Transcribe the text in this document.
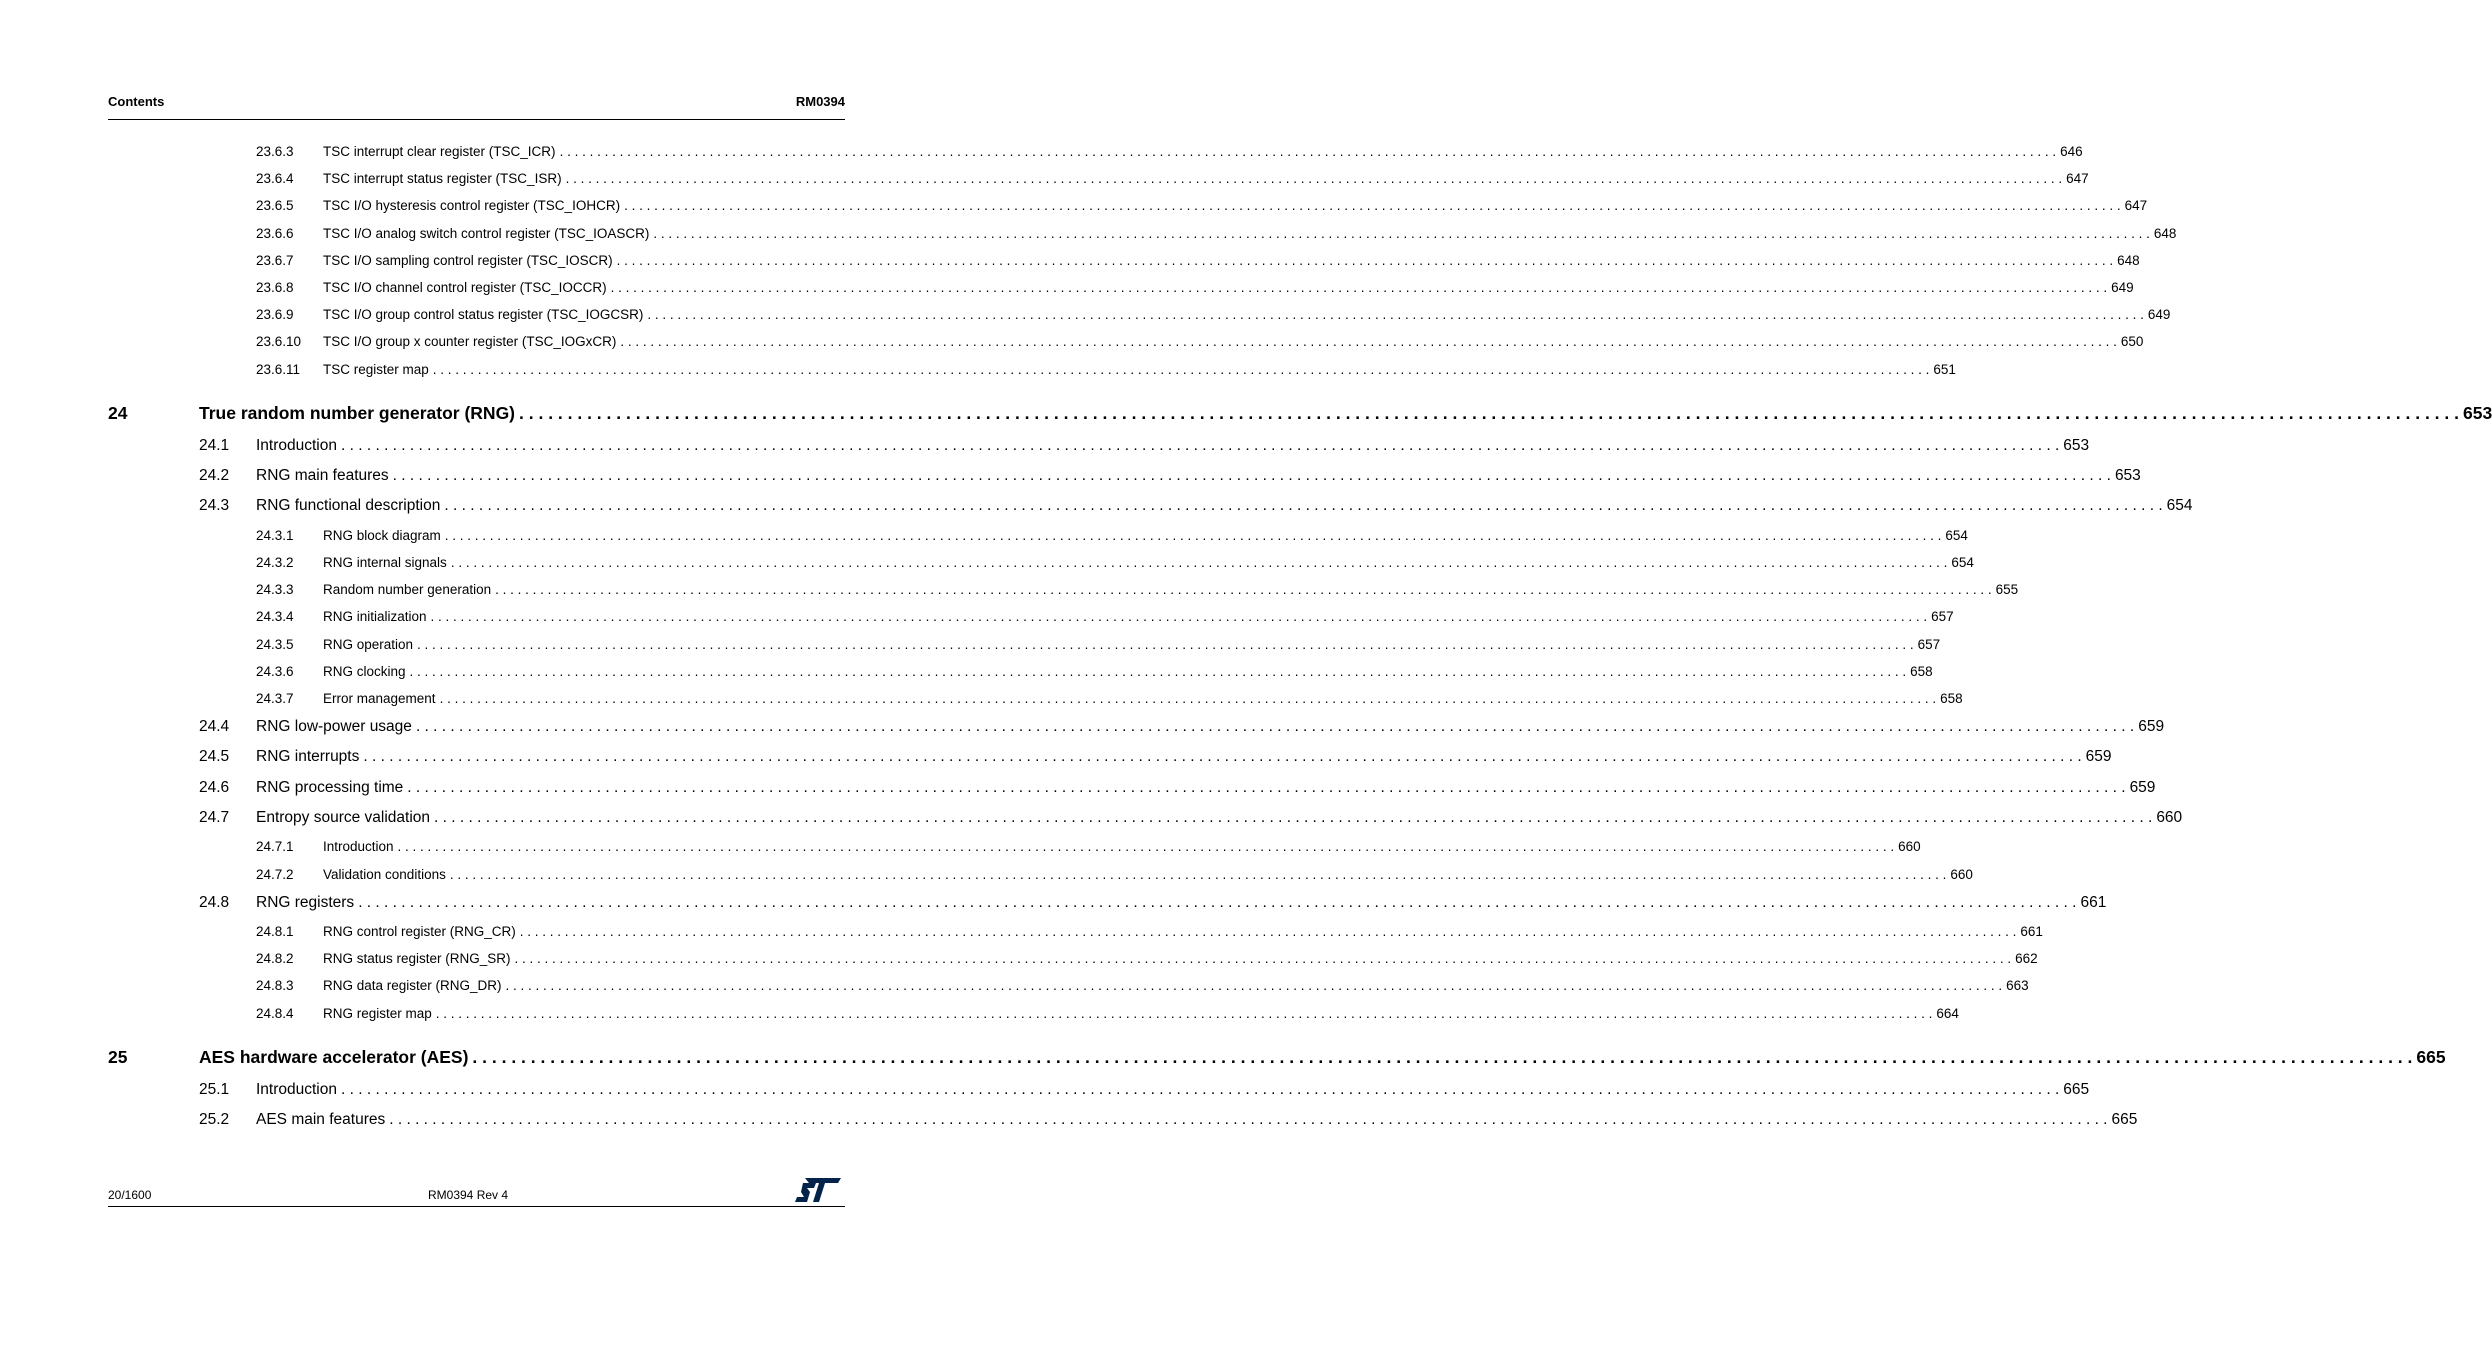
Contents	RM0394
23.6.3 TSC interrupt clear register (TSC_ICR) . . . . . . . . . . . . . . . . . . . . . . . . . . . . . . . . . . . . . . . . . . . . . . . . . . . . . . . . . . . . . . . . . . . . . . . . . . . . . . . . . . . . . . . . . . . . . . . . . . . . . . . . . . . . . . . . . . . . . . . . . . . . . . . . . . . . . . . . . . . . . . . . . . . . . . . . . . . . . . . . . . . . . . . . . . . . . . . . . . . . . . . . . . . . . . . . . . . . . . . . 646
23.6.4 TSC interrupt status register (TSC_ISR) . . . . . . . . . . . . . . . . . . . . . . . . . . . . . . . . . . . . . . . . . . . . . . . . . . . . . . . . . . . . . . . . . . . . . . . . . . . . . . . . . . . . . . . . . . . . . . . . . . . . . . . . . . . . . . . . . . . . . . . . . . . . . . . . . . . . . . . . . . . . . . . . . . . . . . . . . . . . . . . . . . . . . . . . . . . . . . . . . . . . . . . . . . . . . . . . . . . . . . . . 647
23.6.5 TSC I/O hysteresis control register (TSC_IOHCR) . . . . . . . . . . . . . . . . . . . . . . . . . . . . . . . . . . . . . . . . . . . . . . . . . . . . . . . . . . . . . . . . . . . . . . . . . . . . . . . . . . . . . . . . . . . . . . . . . . . . . . . . . . . . . . . . . . . . . . . . . . . . . . . . . . . . . . . . . . . . . . . . . . . . . . . . . . . . . . . . . . . . . . . . . . . . . . . . . . . . . . . . . . . . . . . . . . . . . . . . 647
23.6.6 TSC I/O analog switch control register (TSC_IOASCR) . . . . . . . . . . . . . . . . . . . . . . . . . . . . . . . . . . . . . . . . . . . . . . . . . . . . . . . . . . . . . . . . . . . . . . . . . . . . . . . . . . . . . . . . . . . . . . . . . . . . . . . . . . . . . . . . . . . . . . . . . . . . . . . . . . . . . . . . . . . . . . . . . . . . . . . . . . . . . . . . . . . . . . . . . . . . . . . . . . . . . . . . . . . . . . . . . . . . . . . . 648
23.6.7 TSC I/O sampling control register (TSC_IOSCR) . . . . . . . . . . . . . . . . . . . . . . . . . . . . . . . . . . . . . . . . . . . . . . . . . . . . . . . . . . . . . . . . . . . . . . . . . . . . . . . . . . . . . . . . . . . . . . . . . . . . . . . . . . . . . . . . . . . . . . . . . . . . . . . . . . . . . . . . . . . . . . . . . . . . . . . . . . . . . . . . . . . . . . . . . . . . . . . . . . . . . . . . . . . . . . . . . . . . . . . . 648
23.6.8 TSC I/O channel control register (TSC_IOCCR) . . . . . . . . . . . . . . . . . . . . . . . . . . . . . . . . . . . . . . . . . . . . . . . . . . . . . . . . . . . . . . . . . . . . . . . . . . . . . . . . . . . . . . . . . . . . . . . . . . . . . . . . . . . . . . . . . . . . . . . . . . . . . . . . . . . . . . . . . . . . . . . . . . . . . . . . . . . . . . . . . . . . . . . . . . . . . . . . . . . . . . . . . . . . . . . . . . . . . . . . 649
23.6.9 TSC I/O group control status register (TSC_IOGCSR) . . . . . . . . . . . . . . . . . . . . . . . . . . . . . . . . . . . . . . . . . . . . . . . . . . . . . . . . . . . . . . . . . . . . . . . . . . . . . . . . . . . . . . . . . . . . . . . . . . . . . . . . . . . . . . . . . . . . . . . . . . . . . . . . . . . . . . . . . . . . . . . . . . . . . . . . . . . . . . . . . . . . . . . . . . . . . . . . . . . . . . . . . . . . . . . . . . . . . . . . 649
23.6.10 TSC I/O group x counter register (TSC_IOGxCR) . . . . . . . . . . . . . . . . . . . . . . . . . . . . . . . . . . . . . . . . . . . . . . . . . . . . . . . . . . . . . . . . . . . . . . . . . . . . . . . . . . . . . . . . . . . . . . . . . . . . . . . . . . . . . . . . . . . . . . . . . . . . . . . . . . . . . . . . . . . . . . . . . . . . . . . . . . . . . . . . . . . . . . . . . . . . . . . . . . . . . . . . . . . . . . . . . . . . . . . . 650
23.6.11 TSC register map . . . . . . . . . . . . . . . . . . . . . . . . . . . . . . . . . . . . . . . . . . . . . . . . . . . . . . . . . . . . . . . . . . . . . . . . . . . . . . . . . . . . . . . . . . . . . . . . . . . . . . . . . . . . . . . . . . . . . . . . . . . . . . . . . . . . . . . . . . . . . . . . . . . . . . . . . . . . . . . . . . . . . . . . . . . . . . . . . . . . . . . . . . . . . . . . . . . . . . . . 651
24	True random number generator (RNG) . . . . . . . . . . . . . . . . . . . . . . . . . . . . . . . . . . . . . . . . . . . . . . . . . . . . . . . . . . . . . . . . . . . . . . . . . . . . . . . . . . . . . . . . . . . . . . . . . . . . . . . . . . . . . . . . . . . . . . . . . . . . . . . . . . . . . . . . . . . . . . . . . . . . . . . . . . . . . . . . . . . . . . . . . . . . . . . . . . . . . . . . . . . . . . . . . . . . . . . . 653
24.1 Introduction . . . . . . . . . . . . . . . . . . . . . . . . . . . . . . . . . . . . . . . . . . . . . . . . . . . . . . . . . . . . . . . . . . . . . . . . . . . . . . . . . . . . . . . . . . . . . . . . . . . . . . . . . . . . . . . . . . . . . . . . . . . . . . . . . . . . . . . . . . . . . . . . . . . . . . . . . . . . . . . . . . . . . . . . . . . . . . . . . . . . . . . . . . . . . . . . . . . . . . . . 653
24.2 RNG main features . . . . . . . . . . . . . . . . . . . . . . . . . . . . . . . . . . . . . . . . . . . . . . . . . . . . . . . . . . . . . . . . . . . . . . . . . . . . . . . . . . . . . . . . . . . . . . . . . . . . . . . . . . . . . . . . . . . . . . . . . . . . . . . . . . . . . . . . . . . . . . . . . . . . . . . . . . . . . . . . . . . . . . . . . . . . . . . . . . . . . . . . . . . . . . . . . . . . . . . . 653
24.3 RNG functional description . . . . . . . . . . . . . . . . . . . . . . . . . . . . . . . . . . . . . . . . . . . . . . . . . . . . . . . . . . . . . . . . . . . . . . . . . . . . . . . . . . . . . . . . . . . . . . . . . . . . . . . . . . . . . . . . . . . . . . . . . . . . . . . . . . . . . . . . . . . . . . . . . . . . . . . . . . . . . . . . . . . . . . . . . . . . . . . . . . . . . . . . . . . . . . . . . . . . . . . . 654
24.3.1 RNG block diagram . . . . . . . . . . . . . . . . . . . . . . . . . . . . . . . . . . . . . . . . . . . . . . . . . . . . . . . . . . . . . . . . . . . . . . . . . . . . . . . . . . . . . . . . . . . . . . . . . . . . . . . . . . . . . . . . . . . . . . . . . . . . . . . . . . . . . . . . . . . . . . . . . . . . . . . . . . . . . . . . . . . . . . . . . . . . . . . . . . . . . . . . . . . . . . . . . . . . . . . . 654
24.3.2 RNG internal signals . . . . . . . . . . . . . . . . . . . . . . . . . . . . . . . . . . . . . . . . . . . . . . . . . . . . . . . . . . . . . . . . . . . . . . . . . . . . . . . . . . . . . . . . . . . . . . . . . . . . . . . . . . . . . . . . . . . . . . . . . . . . . . . . . . . . . . . . . . . . . . . . . . . . . . . . . . . . . . . . . . . . . . . . . . . . . . . . . . . . . . . . . . . . . . . . . . . . . . . . 654
24.3.3 Random number generation . . . . . . . . . . . . . . . . . . . . . . . . . . . . . . . . . . . . . . . . . . . . . . . . . . . . . . . . . . . . . . . . . . . . . . . . . . . . . . . . . . . . . . . . . . . . . . . . . . . . . . . . . . . . . . . . . . . . . . . . . . . . . . . . . . . . . . . . . . . . . . . . . . . . . . . . . . . . . . . . . . . . . . . . . . . . . . . . . . . . . . . . . . . . . . . . . . . . . . . . 655
24.3.4 RNG initialization . . . . . . . . . . . . . . . . . . . . . . . . . . . . . . . . . . . . . . . . . . . . . . . . . . . . . . . . . . . . . . . . . . . . . . . . . . . . . . . . . . . . . . . . . . . . . . . . . . . . . . . . . . . . . . . . . . . . . . . . . . . . . . . . . . . . . . . . . . . . . . . . . . . . . . . . . . . . . . . . . . . . . . . . . . . . . . . . . . . . . . . . . . . . . . . . . . . . . . . . 657
24.3.5 RNG operation . . . . . . . . . . . . . . . . . . . . . . . . . . . . . . . . . . . . . . . . . . . . . . . . . . . . . . . . . . . . . . . . . . . . . . . . . . . . . . . . . . . . . . . . . . . . . . . . . . . . . . . . . . . . . . . . . . . . . . . . . . . . . . . . . . . . . . . . . . . . . . . . . . . . . . . . . . . . . . . . . . . . . . . . . . . . . . . . . . . . . . . . . . . . . . . . . . . . . . . . 657
24.3.6 RNG clocking . . . . . . . . . . . . . . . . . . . . . . . . . . . . . . . . . . . . . . . . . . . . . . . . . . . . . . . . . . . . . . . . . . . . . . . . . . . . . . . . . . . . . . . . . . . . . . . . . . . . . . . . . . . . . . . . . . . . . . . . . . . . . . . . . . . . . . . . . . . . . . . . . . . . . . . . . . . . . . . . . . . . . . . . . . . . . . . . . . . . . . . . . . . . . . . . . . . . . . . . 658
24.3.7 Error management . . . . . . . . . . . . . . . . . . . . . . . . . . . . . . . . . . . . . . . . . . . . . . . . . . . . . . . . . . . . . . . . . . . . . . . . . . . . . . . . . . . . . . . . . . . . . . . . . . . . . . . . . . . . . . . . . . . . . . . . . . . . . . . . . . . . . . . . . . . . . . . . . . . . . . . . . . . . . . . . . . . . . . . . . . . . . . . . . . . . . . . . . . . . . . . . . . . . . . . . 658
24.4 RNG low-power usage . . . . . . . . . . . . . . . . . . . . . . . . . . . . . . . . . . . . . . . . . . . . . . . . . . . . . . . . . . . . . . . . . . . . . . . . . . . . . . . . . . . . . . . . . . . . . . . . . . . . . . . . . . . . . . . . . . . . . . . . . . . . . . . . . . . . . . . . . . . . . . . . . . . . . . . . . . . . . . . . . . . . . . . . . . . . . . . . . . . . . . . . . . . . . . . . . . . . . . . . 659
24.5 RNG interrupts . . . . . . . . . . . . . . . . . . . . . . . . . . . . . . . . . . . . . . . . . . . . . . . . . . . . . . . . . . . . . . . . . . . . . . . . . . . . . . . . . . . . . . . . . . . . . . . . . . . . . . . . . . . . . . . . . . . . . . . . . . . . . . . . . . . . . . . . . . . . . . . . . . . . . . . . . . . . . . . . . . . . . . . . . . . . . . . . . . . . . . . . . . . . . . . . . . . . . . . . 659
24.6 RNG processing time . . . . . . . . . . . . . . . . . . . . . . . . . . . . . . . . . . . . . . . . . . . . . . . . . . . . . . . . . . . . . . . . . . . . . . . . . . . . . . . . . . . . . . . . . . . . . . . . . . . . . . . . . . . . . . . . . . . . . . . . . . . . . . . . . . . . . . . . . . . . . . . . . . . . . . . . . . . . . . . . . . . . . . . . . . . . . . . . . . . . . . . . . . . . . . . . . . . . . . . . 659
24.7 Entropy source validation . . . . . . . . . . . . . . . . . . . . . . . . . . . . . . . . . . . . . . . . . . . . . . . . . . . . . . . . . . . . . . . . . . . . . . . . . . . . . . . . . . . . . . . . . . . . . . . . . . . . . . . . . . . . . . . . . . . . . . . . . . . . . . . . . . . . . . . . . . . . . . . . . . . . . . . . . . . . . . . . . . . . . . . . . . . . . . . . . . . . . . . . . . . . . . . . . . . . . . . . 660
24.7.1 Introduction . . . . . . . . . . . . . . . . . . . . . . . . . . . . . . . . . . . . . . . . . . . . . . . . . . . . . . . . . . . . . . . . . . . . . . . . . . . . . . . . . . . . . . . . . . . . . . . . . . . . . . . . . . . . . . . . . . . . . . . . . . . . . . . . . . . . . . . . . . . . . . . . . . . . . . . . . . . . . . . . . . . . . . . . . . . . . . . . . . . . . . . . . . . . . . . . . . . . . . . . 660
24.7.2 Validation conditions . . . . . . . . . . . . . . . . . . . . . . . . . . . . . . . . . . . . . . . . . . . . . . . . . . . . . . . . . . . . . . . . . . . . . . . . . . . . . . . . . . . . . . . . . . . . . . . . . . . . . . . . . . . . . . . . . . . . . . . . . . . . . . . . . . . . . . . . . . . . . . . . . . . . . . . . . . . . . . . . . . . . . . . . . . . . . . . . . . . . . . . . . . . . . . . . . . . . . . . . 660
24.8 RNG registers . . . . . . . . . . . . . . . . . . . . . . . . . . . . . . . . . . . . . . . . . . . . . . . . . . . . . . . . . . . . . . . . . . . . . . . . . . . . . . . . . . . . . . . . . . . . . . . . . . . . . . . . . . . . . . . . . . . . . . . . . . . . . . . . . . . . . . . . . . . . . . . . . . . . . . . . . . . . . . . . . . . . . . . . . . . . . . . . . . . . . . . . . . . . . . . . . . . . . . . . 661
24.8.1 RNG control register (RNG_CR) . . . . . . . . . . . . . . . . . . . . . . . . . . . . . . . . . . . . . . . . . . . . . . . . . . . . . . . . . . . . . . . . . . . . . . . . . . . . . . . . . . . . . . . . . . . . . . . . . . . . . . . . . . . . . . . . . . . . . . . . . . . . . . . . . . . . . . . . . . . . . . . . . . . . . . . . . . . . . . . . . . . . . . . . . . . . . . . . . . . . . . . . . . . . . . . . . . . . . . . . 661
24.8.2 RNG status register (RNG_SR) . . . . . . . . . . . . . . . . . . . . . . . . . . . . . . . . . . . . . . . . . . . . . . . . . . . . . . . . . . . . . . . . . . . . . . . . . . . . . . . . . . . . . . . . . . . . . . . . . . . . . . . . . . . . . . . . . . . . . . . . . . . . . . . . . . . . . . . . . . . . . . . . . . . . . . . . . . . . . . . . . . . . . . . . . . . . . . . . . . . . . . . . . . . . . . . . . . . . . . . . 662
24.8.3 RNG data register (RNG_DR) . . . . . . . . . . . . . . . . . . . . . . . . . . . . . . . . . . . . . . . . . . . . . . . . . . . . . . . . . . . . . . . . . . . . . . . . . . . . . . . . . . . . . . . . . . . . . . . . . . . . . . . . . . . . . . . . . . . . . . . . . . . . . . . . . . . . . . . . . . . . . . . . . . . . . . . . . . . . . . . . . . . . . . . . . . . . . . . . . . . . . . . . . . . . . . . . . . . . . . . . 663
24.8.4 RNG register map . . . . . . . . . . . . . . . . . . . . . . . . . . . . . . . . . . . . . . . . . . . . . . . . . . . . . . . . . . . . . . . . . . . . . . . . . . . . . . . . . . . . . . . . . . . . . . . . . . . . . . . . . . . . . . . . . . . . . . . . . . . . . . . . . . . . . . . . . . . . . . . . . . . . . . . . . . . . . . . . . . . . . . . . . . . . . . . . . . . . . . . . . . . . . . . . . . . . . . . . 664
25	AES hardware accelerator (AES) . . . . . . . . . . . . . . . . . . . . . . . . . . . . . . . . . . . . . . . . . . . . . . . . . . . . . . . . . . . . . . . . . . . . . . . . . . . . . . . . . . . . . . . . . . . . . . . . . . . . . . . . . . . . . . . . . . . . . . . . . . . . . . . . . . . . . . . . . . . . . . . . . . . . . . . . . . . . . . . . . . . . . . . . . . . . . . . . . . . . . . . . . . . . . . . . . . . . . . . . 665
25.1 Introduction . . . . . . . . . . . . . . . . . . . . . . . . . . . . . . . . . . . . . . . . . . . . . . . . . . . . . . . . . . . . . . . . . . . . . . . . . . . . . . . . . . . . . . . . . . . . . . . . . . . . . . . . . . . . . . . . . . . . . . . . . . . . . . . . . . . . . . . . . . . . . . . . . . . . . . . . . . . . . . . . . . . . . . . . . . . . . . . . . . . . . . . . . . . . . . . . . . . . . . . . 665
25.2 AES main features . . . . . . . . . . . . . . . . . . . . . . . . . . . . . . . . . . . . . . . . . . . . . . . . . . . . . . . . . . . . . . . . . . . . . . . . . . . . . . . . . . . . . . . . . . . . . . . . . . . . . . . . . . . . . . . . . . . . . . . . . . . . . . . . . . . . . . . . . . . . . . . . . . . . . . . . . . . . . . . . . . . . . . . . . . . . . . . . . . . . . . . . . . . . . . . . . . . . . . . . 665
20/1600	RM0394 Rev 4
